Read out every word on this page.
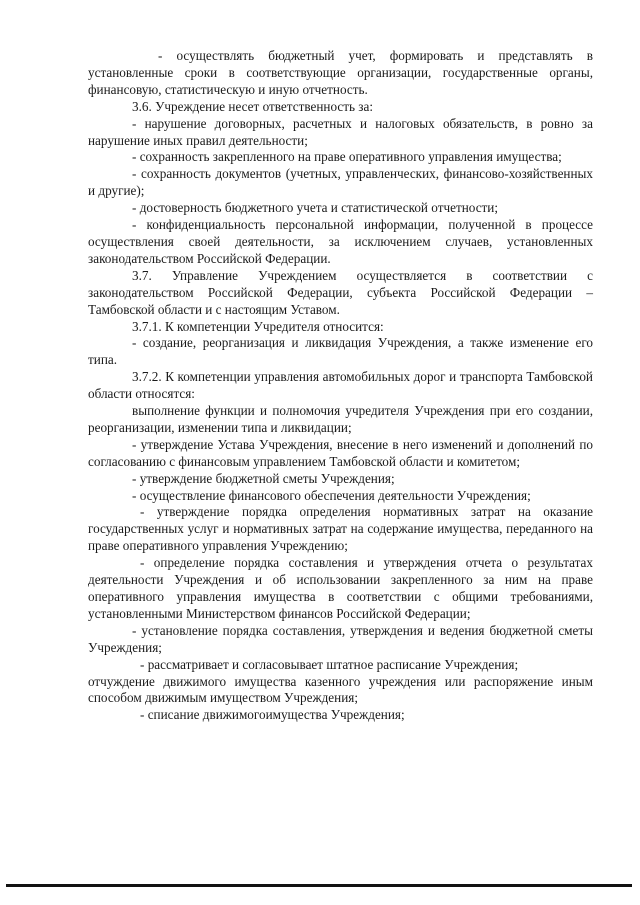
- осуществлять бюджетный учет, формировать и представлять в установленные сроки в соответствующие организации, государственные органы, финансовую, статистическую и иную отчетность.

3.6. Учреждение несет ответственность за:

- нарушение договорных, расчетных и налоговых обязательств, в ровно за нарушение иных правил деятельности;

- сохранность закрепленного на праве оперативного управления имущества;

- сохранность документов (учетных, управленческих, финансово-хозяйственных и другие);

- достоверность бюджетного учета и статистической отчетности;

- конфиденциальность персональной информации, полученной в процессе осуществления своей деятельности, за исключением случаев, установленных законодательством Российской Федерации.

3.7. Управление Учреждением осуществляется в соответствии с законодательством Российской Федерации, субъекта Российской Федерации – Тамбовской области и с настоящим Уставом.

3.7.1. К компетенции Учредителя относится:

- создание, реорганизация и ликвидация Учреждения, а также изменение его типа.

3.7.2. К компетенции управления автомобильных дорог и транспорта Тамбовской области относятся:

выполнение функции и полномочия учредителя Учреждения при его создании, реорганизации, изменении типа и ликвидации;

- утверждение Устава Учреждения, внесение в него изменений и дополнений по согласованию с финансовым управлением Тамбовской области и комитетом;

- утверждение бюджетной сметы Учреждения;

- осуществление финансового обеспечения деятельности Учреждения;

- утверждение порядка определения нормативных затрат на оказание государственных услуг и нормативных затрат на содержание имущества, переданного на праве оперативного управления Учреждению;

- определение порядка составления и утверждения отчета о результатах деятельности Учреждения и об использовании закрепленного за ним на праве оперативного управления имущества в соответствии с общими требованиями, установленными Министерством финансов Российской Федерации;

- установление порядка составления, утверждения и ведения бюджетной сметы Учреждения;

- рассматривает и согласовывает штатное расписание Учреждения;

отчуждение движимого имущества казенного учреждения или распоряжение иным способом движимым имуществом Учреждения;

- списание движимогоимущества Учреждения;
